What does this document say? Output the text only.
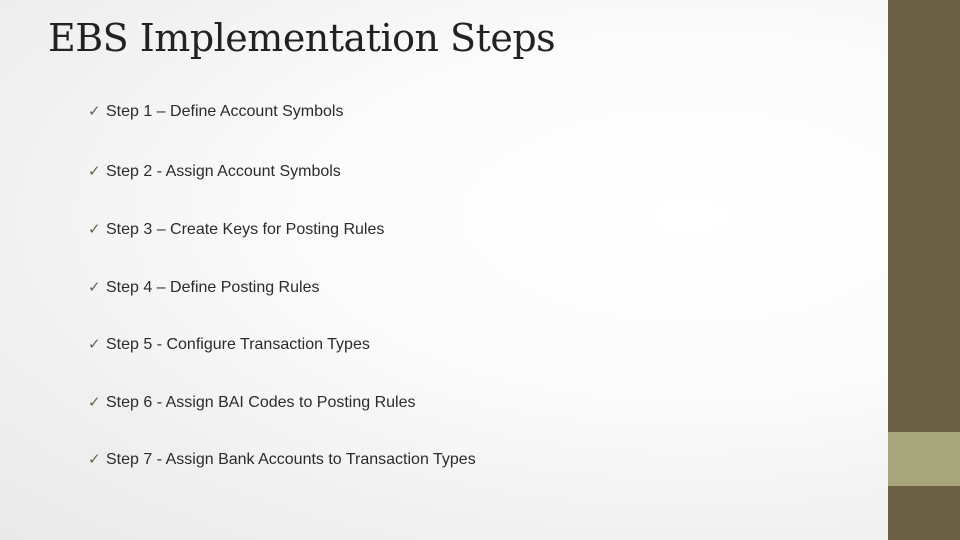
EBS Implementation Steps
✓ Step 1 – Define Account Symbols
✓ Step 2 - Assign Account Symbols
✓ Step 3 – Create Keys for Posting Rules
✓ Step 4 – Define Posting Rules
✓ Step 5 - Configure Transaction Types
✓ Step 6 - Assign BAI Codes to Posting Rules
✓ Step 7 - Assign Bank Accounts to Transaction Types
